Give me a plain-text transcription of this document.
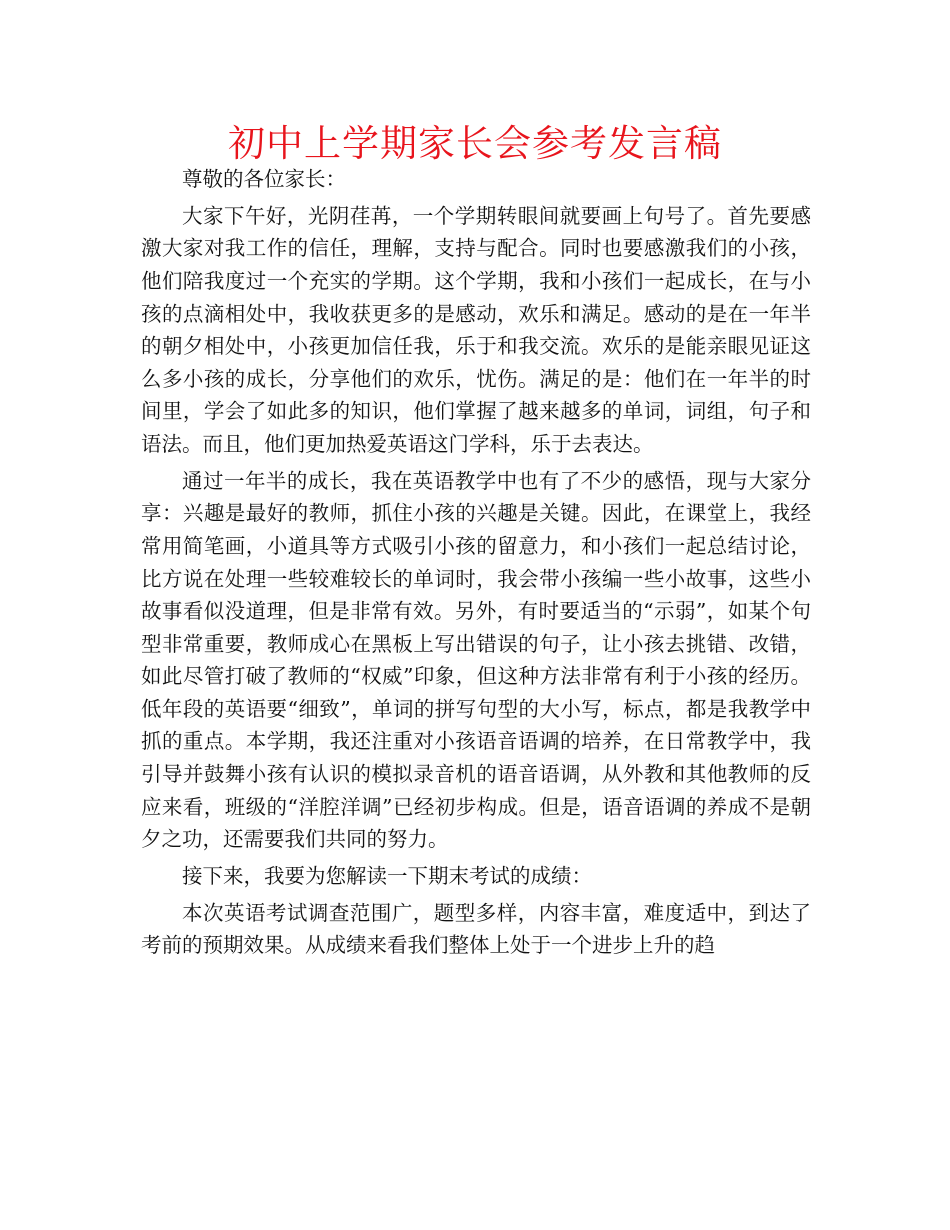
初中上学期家长会参考发言稿

尊敬的各位家长：

大家下午好，光阴荏苒，一个学期转眼间就要画上句号了。首先要感激大家对我工作的信任，理解，支持与配合。同时也要感激我们的小孩，他们陪我度过一个充实的学期。这个学期，我和小孩们一起成长，在与小孩的点滴相处中，我收获更多的是感动，欢乐和满足。感动的是在一年半的朝夕相处中，小孩更加信任我，乐于和我交流。欢乐的是能亲眼见证这么多小孩的成长，分享他们的欢乐，忧伤。满足的是：他们在一年半的时间里，学会了如此多的知识，他们掌握了越来越多的单词，词组，句子和语法。而且，他们更加热爱英语这门学科，乐于去表达。

通过一年半的成长，我在英语教学中也有了不少的感悟，现与大家分享：兴趣是最好的教师，抓住小孩的兴趣是关键。因此，在课堂上，我经常用简笔画，小道具等方式吸引小孩的留意力，和小孩们一起总结讨论，比方说在处理一些较难较长的单词时，我会带小孩编一些小故事，这些小故事看似没道理，但是非常有效。另外，有时要适当的“示弱”，如某个句型非常重要，教师成心在黑板上写出错误的句子，让小孩去挑错、改错，如此尽管打破了教师的“权威”印象，但这种方法非常有利于小孩的经历。低年段的英语要“细致”，单词的拼写句型的大小写，标点，都是我教学中抓的重点。本学期，我还注重对小孩语音语调的培养，在日常教学中，我引导并鼓舞小孩有认识的模拟录音机的语音语调，从外教和其他教师的反应来看，班级的“洋腔洋调”已经初步构成。但是，语音语调的养成不是朝夕之功，还需要我们共同的努力。

接下来，我要为您解读一下期末考试的成绩：

本次英语考试调查范围广，题型多样，内容丰富，难度适中，到达了考前的预期效果。从成绩来看我们整体上处于一个进步上升的趋
